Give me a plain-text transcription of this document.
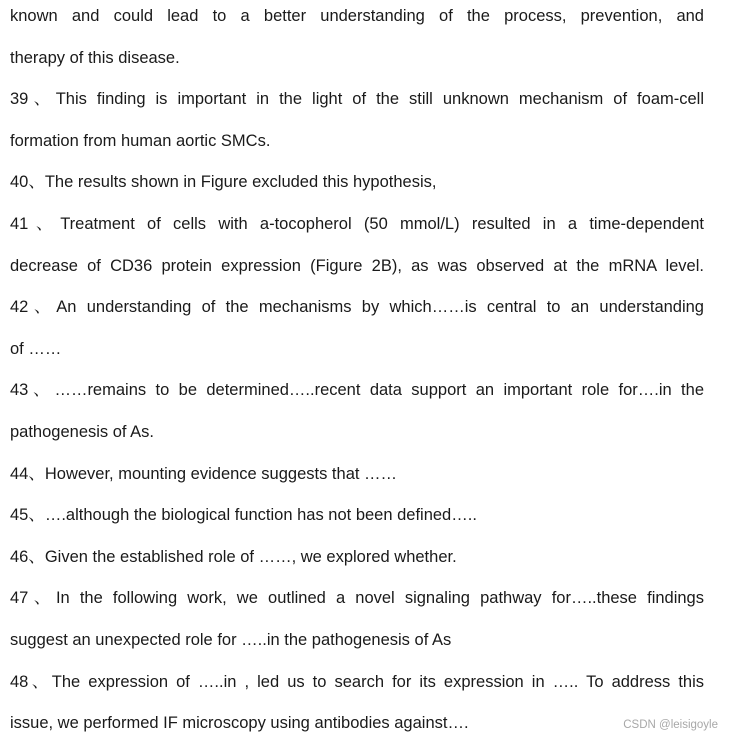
known and could lead to a better understanding of the process, prevention, and
therapy of this disease.
39、This finding is important in the light of the still unknown mechanism of foam-cell
formation from human aortic SMCs.
40、The results shown in Figure excluded this hypothesis,
41、Treatment of cells with a-tocopherol (50 mmol/L) resulted in a time-dependent
decrease of CD36 protein expression (Figure 2B), as was observed at the mRNA level.
42、An understanding of the mechanisms by which……is central to an understanding
of ……
43、……remains to be determined…..recent data support an important role for….in the
pathogenesis of As.
44、However, mounting evidence suggests that ……
45、….although the biological function has not been defined…..
46、Given the established role of ……, we explored whether.
47、In the following work, we outlined a novel signaling pathway for…..these findings
suggest an unexpected role for …..in the pathogenesis of As
48、The expression of …..in , led us to search for its expression in ….. To address this
issue, we performed IF microscopy using antibodies against….	CSDN @leisigoyle
